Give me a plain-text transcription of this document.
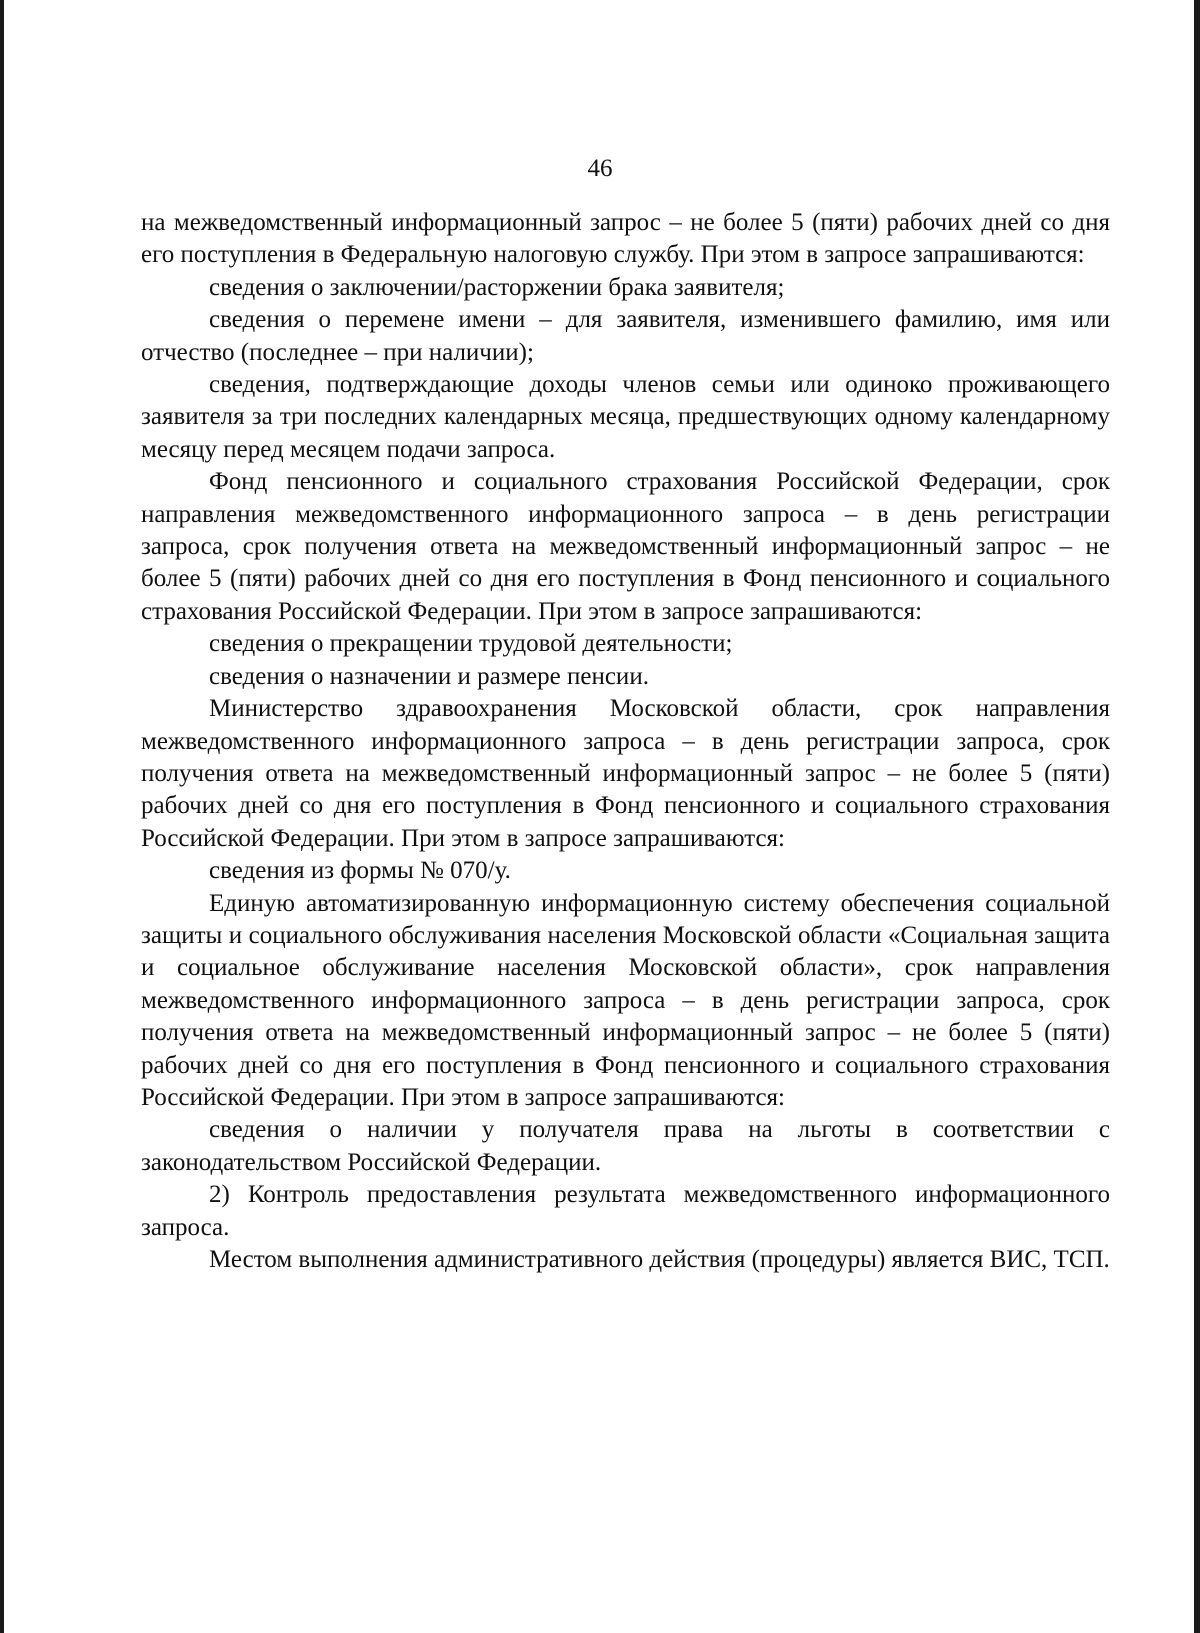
46

на межведомственный информационный запрос – не более 5 (пяти) рабочих дней со дня его поступления в Федеральную налоговую службу. При этом в запросе запрашиваются:

сведения о заключении/расторжении брака заявителя;

сведения о перемене имени – для заявителя, изменившего фамилию, имя или отчество (последнее – при наличии);

сведения, подтверждающие доходы членов семьи или одиноко проживающего заявителя за три последних календарных месяца, предшествующих одному календарному месяцу перед месяцем подачи запроса.

Фонд пенсионного и социального страхования Российской Федерации, срок направления межведомственного информационного запроса – в день регистрации запроса, срок получения ответа на межведомственный информационный запрос – не более 5 (пяти) рабочих дней со дня его поступления в Фонд пенсионного и социального страхования Российской Федерации. При этом в запросе запрашиваются:

сведения о прекращении трудовой деятельности;

сведения о назначении и размере пенсии.

Министерство здравоохранения Московской области, срок направления межведомственного информационного запроса – в день регистрации запроса, срок получения ответа на межведомственный информационный запрос – не более 5 (пяти) рабочих дней со дня его поступления в Фонд пенсионного и социального страхования Российской Федерации. При этом в запросе запрашиваются:

сведения из формы № 070/у.

Единую автоматизированную информационную систему обеспечения социальной защиты и социального обслуживания населения Московской области «Социальная защита и социальное обслуживание населения Московской области», срок направления межведомственного информационного запроса – в день регистрации запроса, срок получения ответа на межведомственный информационный запрос – не более 5 (пяти) рабочих дней со дня его поступления в Фонд пенсионного и социального страхования Российской Федерации. При этом в запросе запрашиваются:

сведения о наличии у получателя права на льготы в соответствии с законодательством Российской Федерации.

2) Контроль предоставления результата межведомственного информационного запроса.

Местом выполнения административного действия (процедуры) является ВИС, ТСП.
